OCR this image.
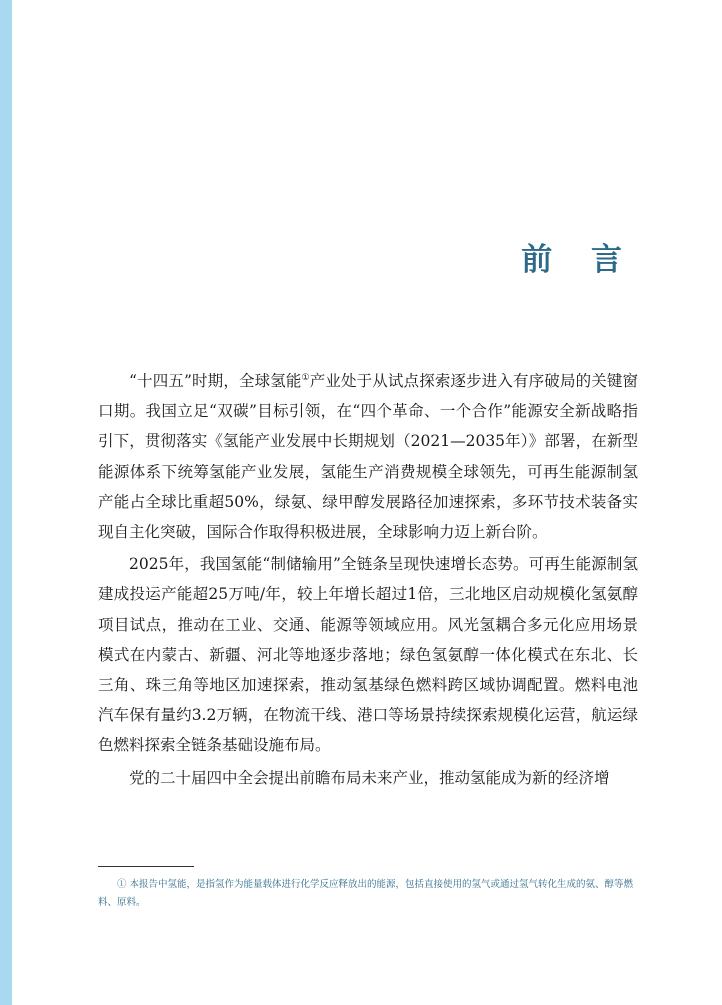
前 言

“十四五”时期，全球氢能①产业处于从试点探索逐步进入有序破局的关键窗口期。我国立足“双碳”目标引领，在“四个革命、一个合作”能源安全新战略指引下，贯彻落实《氢能产业发展中长期规划（2021—2035年）》部署，在新型能源体系下统筹氢能产业发展，氢能生产消费规模全球领先，可再生能源制氢产能占全球比重超50%，绿氨、绿甲醇发展路径加速探索，多环节技术装备实现自主化突破，国际合作取得积极进展，全球影响力迈上新台阶。

2025年，我国氢能“制储输用”全链条呈现快速增长态势。可再生能源制氢建成投运产能超25万吨/年，较上年增长超过1倍，三北地区启动规模化氢氨醇项目试点，推动在工业、交通、能源等领域应用。风光氢耦合多元化应用场景模式在内蒙古、新疆、河北等地逐步落地；绿色氢氨醇一体化模式在东北、长三角、珠三角等地区加速探索，推动氢基绿色燃料跨区域协调配置。燃料电池汽车保有量约3.2万辆，在物流干线、港口等场景持续探索规模化运营，航运绿色燃料探索全链条基础设施布局。

党的二十届四中全会提出前瞻布局未来产业，推动氢能成为新的经济增

① 本报告中氢能，是指氢作为能量载体进行化学反应释放出的能源，包括直接使用的氢气或通过氢气转化生成的氨、醇等燃料、原料。
